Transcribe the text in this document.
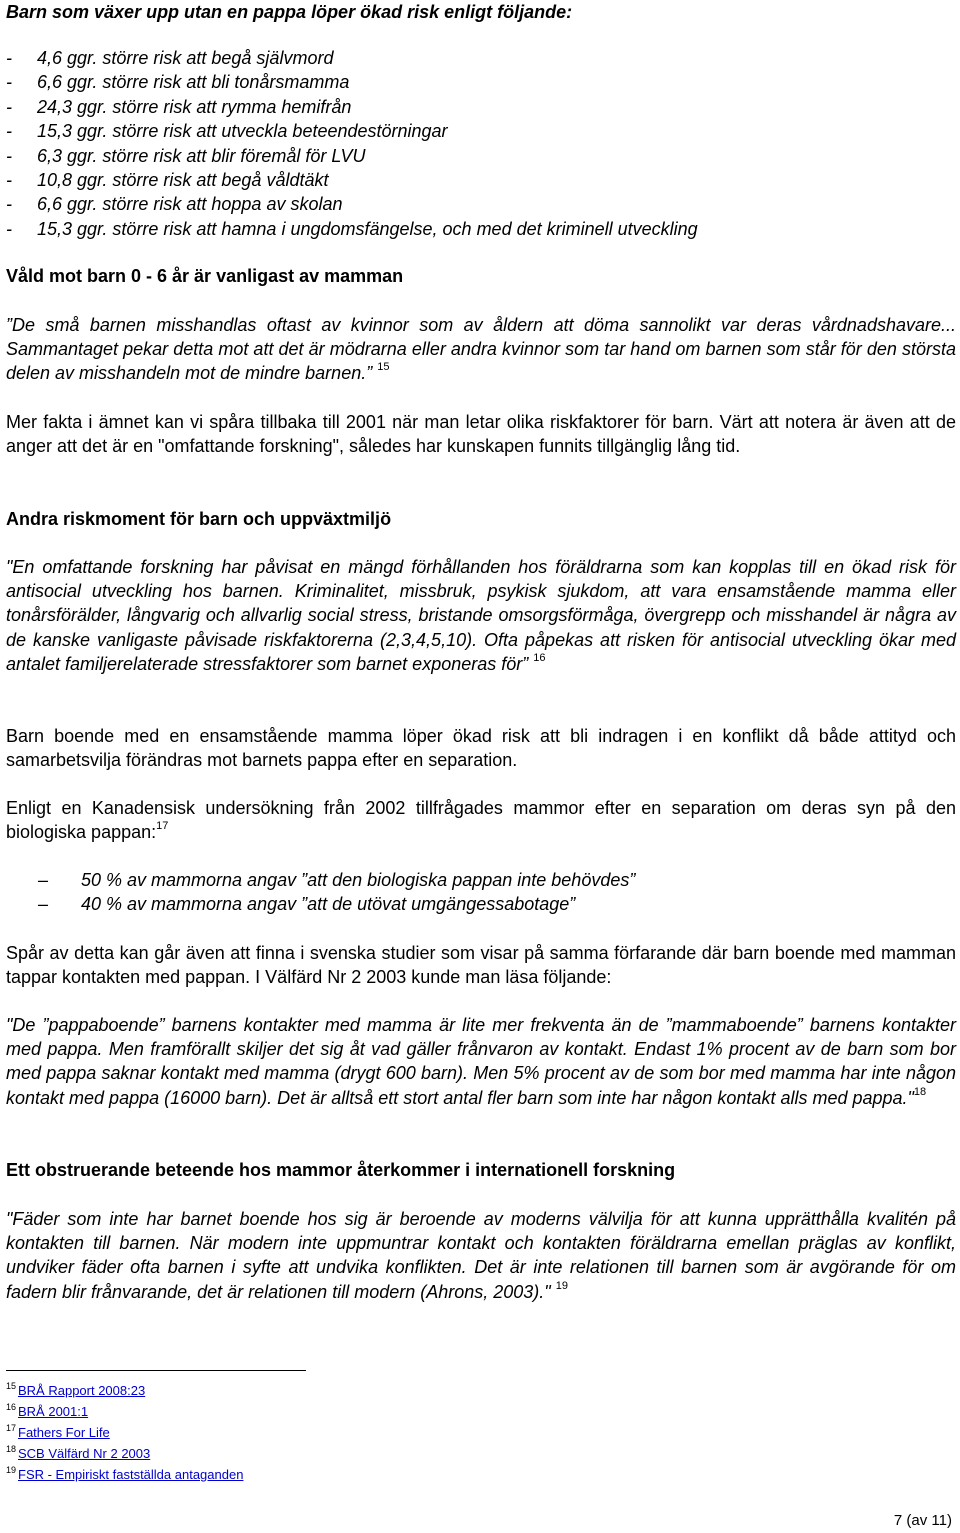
Barn som växer upp utan en pappa löper ökad risk enligt följande:

- 4,6 ggr. större risk att begå självmord
- 6,6 ggr. större risk att bli tonårsmamma
- 24,3 ggr. större risk att rymma hemifrån
- 15,3 ggr. större risk att utveckla beteendestörningar
- 6,3 ggr. större risk att blir föremål för LVU
- 10,8 ggr. större risk att begå våldtäkt
- 6,6 ggr. större risk att hoppa av skolan
- 15,3 ggr. större risk att hamna i ungdomsfängelse, och med det kriminell utveckling

Våld mot barn 0 - 6 år är vanligast av mamman

”De små barnen misshandlas oftast av kvinnor som av åldern att döma sannolikt var deras vårdnadshavare... Sammantaget pekar detta mot att det är mödrarna eller andra kvinnor som tar hand om barnen som står för den största delen av misshandeln mot de mindre barnen.” $^{15}$

Mer fakta i ämnet kan vi spåra tillbaka till 2001 när man letar olika riskfaktorer för barn. Värt att notera är även att de anger att det är en "omfattande forskning", således har kunskapen funnits tillgänglig lång tid.

Andra riskmoment för barn och uppväxtmiljö

"En omfattande forskning har påvisat en mängd förhållanden hos föräldrarna som kan kopplas till en ökad risk för antisocial utveckling hos barnen. Kriminalitet, missbruk, psykisk sjukdom, att vara ensamstående mamma eller tonårsförälder, långvarig och allvarlig social stress, bristande omsorgsförmåga, övergrepp och misshandel är några av de kanske vanligaste påvisade riskfaktorerna (2,3,4,5,10). Ofta påpekas att risken för antisocial utveckling ökar med antalet familjerelaterade stressfaktorer som barnet exponeras för” $^{16}$

Barn boende med en ensamstående mamma löper ökad risk att bli indragen i en konflikt då både attityd och samarbetsvilja förändras mot barnets pappa efter en separation.

Enligt en Kanadensisk undersökning från 2002 tillfrågades mammor efter en separation om deras syn på den biologiska pappan:$^{17}$

– 50 % av mammorna angav ”att den biologiska pappan inte behövdes”
– 40 % av mammorna angav ”att de utövat umgängessabotage”

Spår av detta kan går även att finna i svenska studier som visar på samma förfarande där barn boende med mamman tappar kontakten med pappan. I Välfärd Nr 2 2003 kunde man läsa följande:

"De ”pappaboende” barnens kontakter med mamma är lite mer frekventa än de ”mammaboende” barnens kontakter med pappa. Men framförallt skiljer det sig åt vad gäller frånvaron av kontakt. Endast 1% procent av de barn som bor med pappa saknar kontakt med mamma (drygt 600 barn). Men 5% procent av de som bor med mamma har inte någon kontakt med pappa (16000 barn). Det är alltså ett stort antal fler barn som inte har någon kontakt alls med pappa."$^{18}$

Ett obstruerande beteende hos mammor återkommer i internationell forskning

"Fäder som inte har barnet boende hos sig är beroende av moderns välvilja för att kunna upprätthålla kvalitén på kontakten till barnen. När modern inte uppmuntrar kontakt och kontakten föräldrarna emellan präglas av konflikt, undviker fäder ofta barnen i syfte att undvika konflikten. Det är inte relationen till barnen som är avgörande för om fadern blir frånvarande, det är relationen till modern (Ahrons, 2003)." $^{19}$

15 BRÅ Rapport 2008:23
16 BRÅ 2001:1
17 Fathers For Life
18 SCB Välfärd Nr 2 2003
19 FSR - Empiriskt fastställda antaganden
7 (av 11)
